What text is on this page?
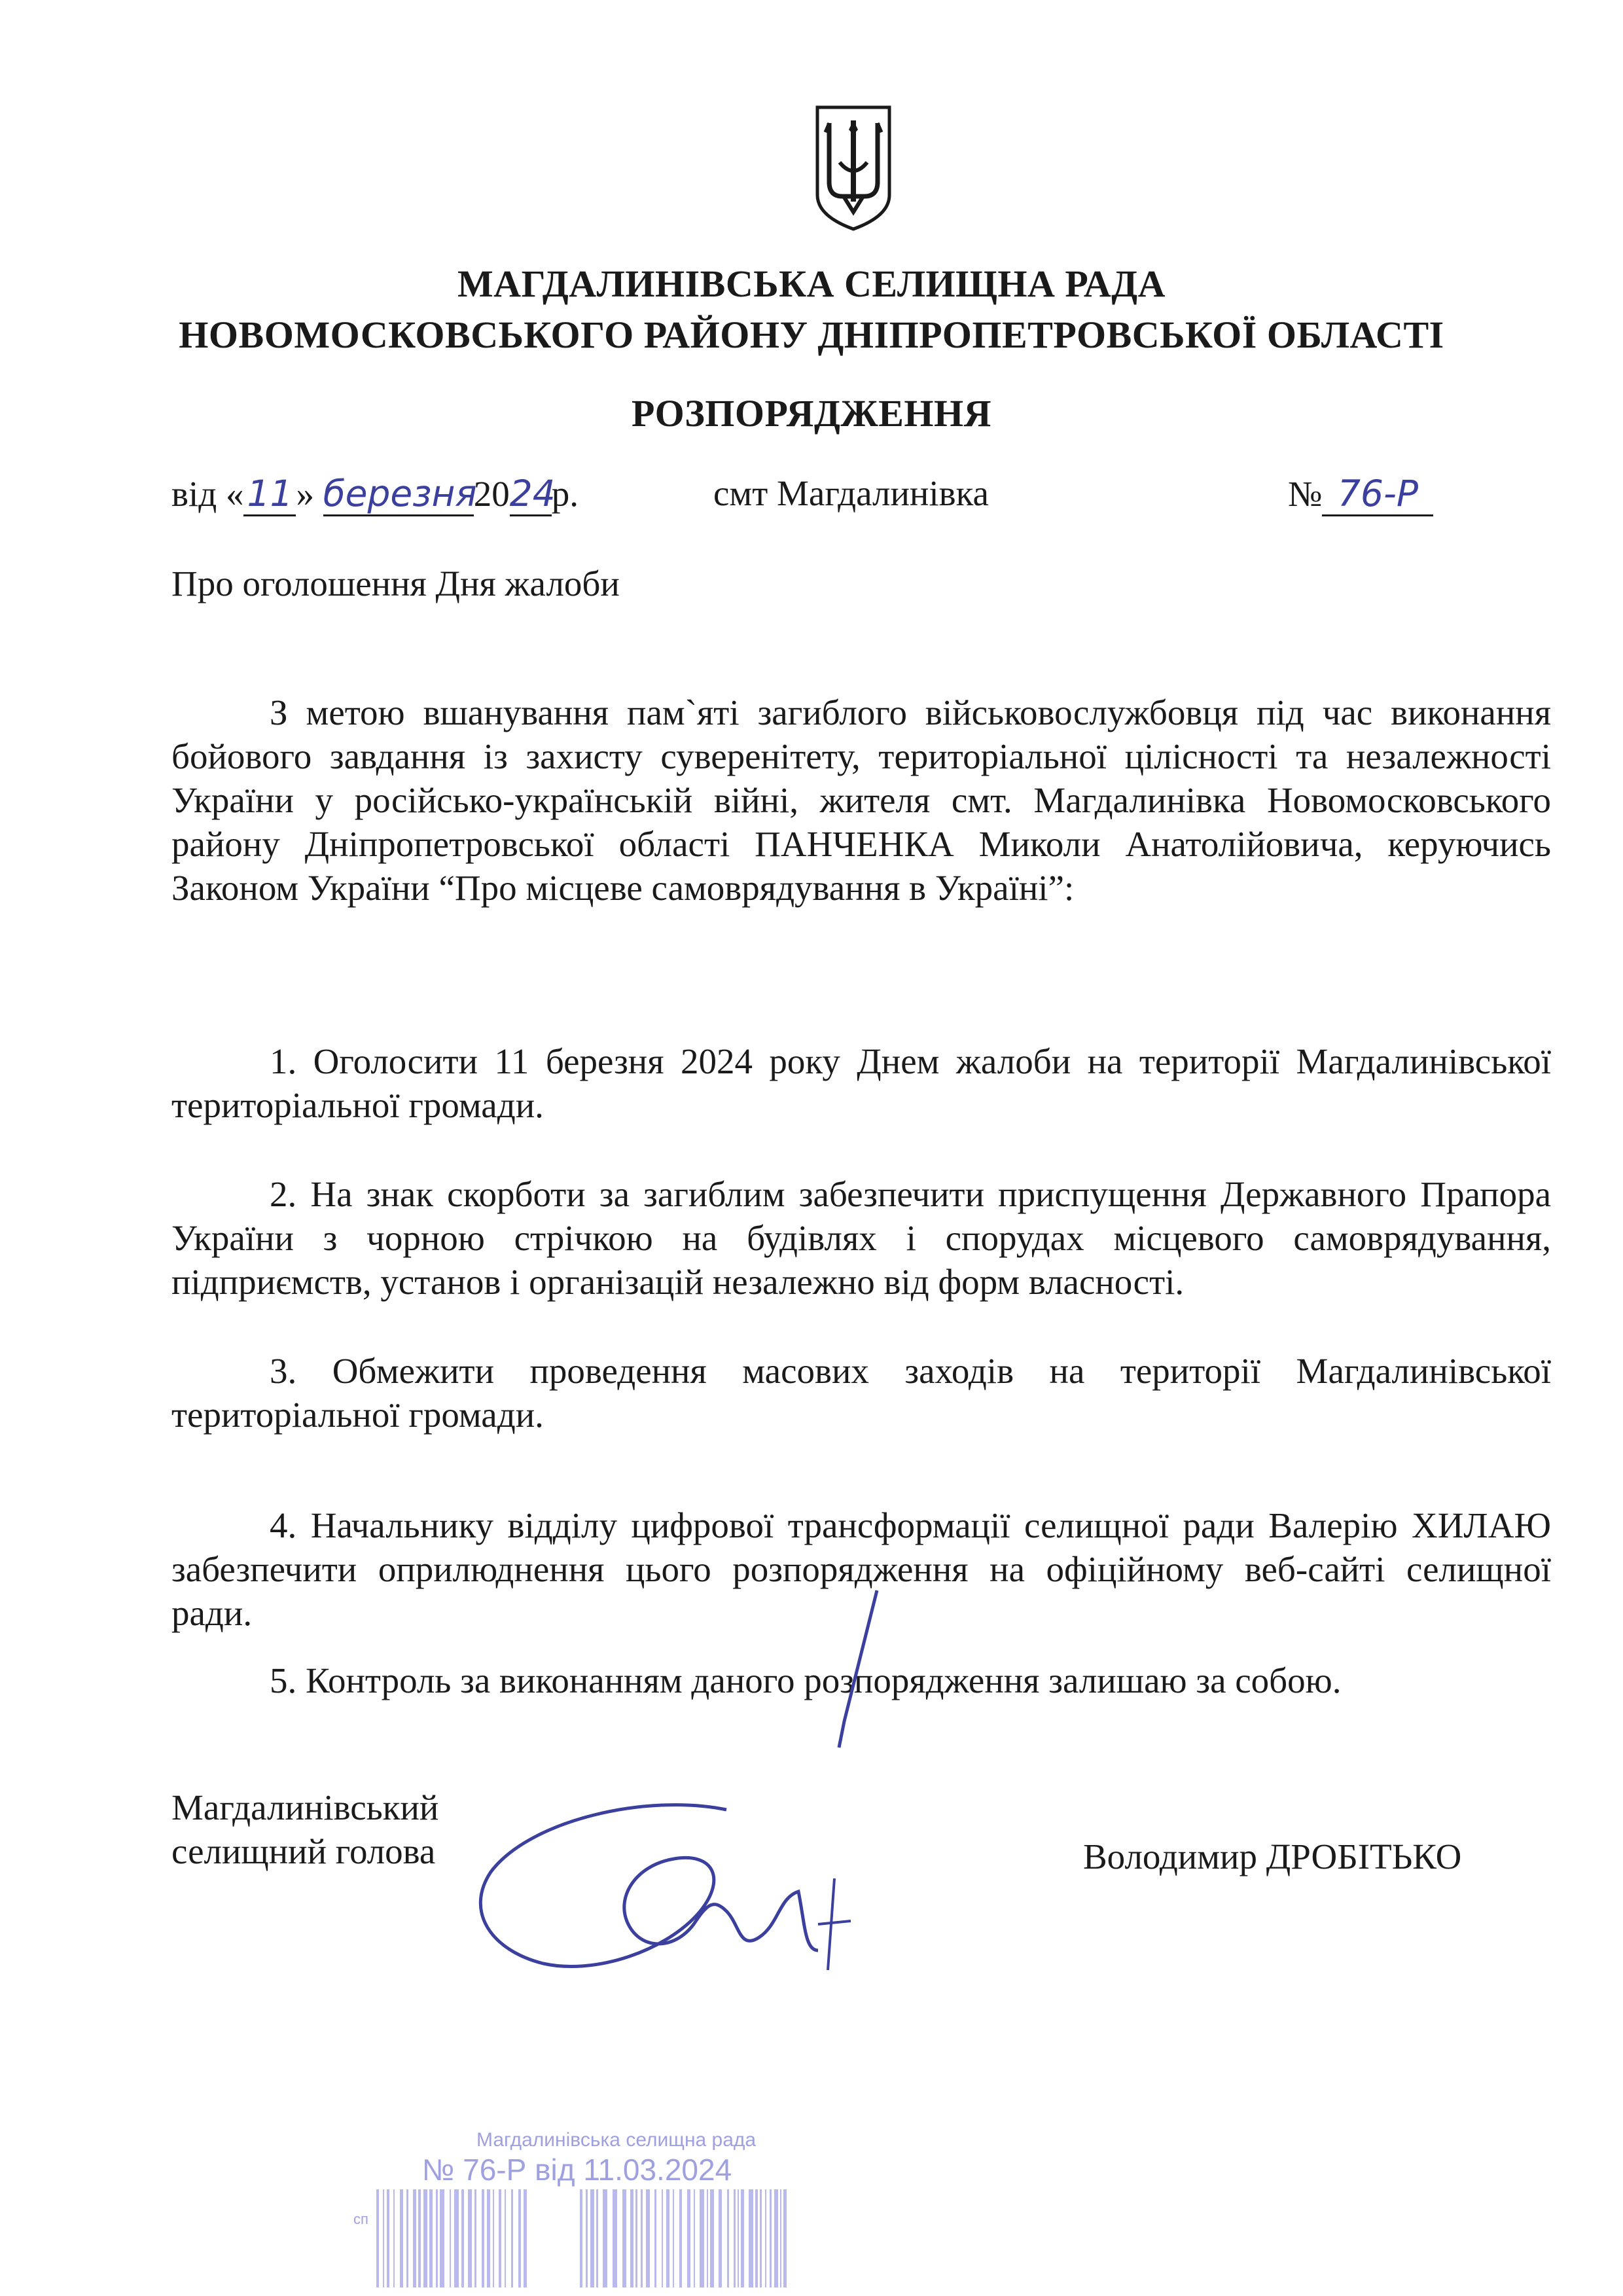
МАГДАЛИНІВСЬКА СЕЛИЩНА РАДА
НОВОМОСКОВСЬКОГО РАЙОНУ ДНІПРОПЕТРОВСЬКОЇ ОБЛАСТІ
РОЗПОРЯДЖЕННЯ
від «11» березня2024р.	смт Магдалинівка	№ 76-Р
Про оголошення Дня жалоби
З метою вшанування пам`яті загиблого військовослужбовця під час виконання бойового завдання із захисту суверенітету, територіальної цілісності та незалежності України у російсько-українській війні, жителя смт. Магдалинівка Новомосковського району Дніпропетровської області ПАНЧЕНКА Миколи Анатолійовича, керуючись Законом України “Про місцеве самоврядування в Україні”:
1. Оголосити 11 березня 2024 року Днем жалоби на території Магдалинівської територіальної громади.
2. На знак скорботи за загиблим забезпечити приспущення Державного Прапора України з чорною стрічкою на будівлях і спорудах місцевого самоврядування, підприємств, установ і організацій незалежно від форм власності.
3. Обмежити проведення масових заходів на території Магдалинівської територіальної громади.
4. Начальнику відділу цифрової трансформації селищної ради Валерію ХИЛАЮ забезпечити оприлюднення цього розпорядження на офіційному веб-сайті селищної ради.
5. Контроль за виконанням даного розпорядження залишаю за собою.
Магдалинівський
селищний голова	Володимир ДРОБІТЬКО
Магдалинівська селищна рада
№ 76-Р від 11.03.2024
сп
